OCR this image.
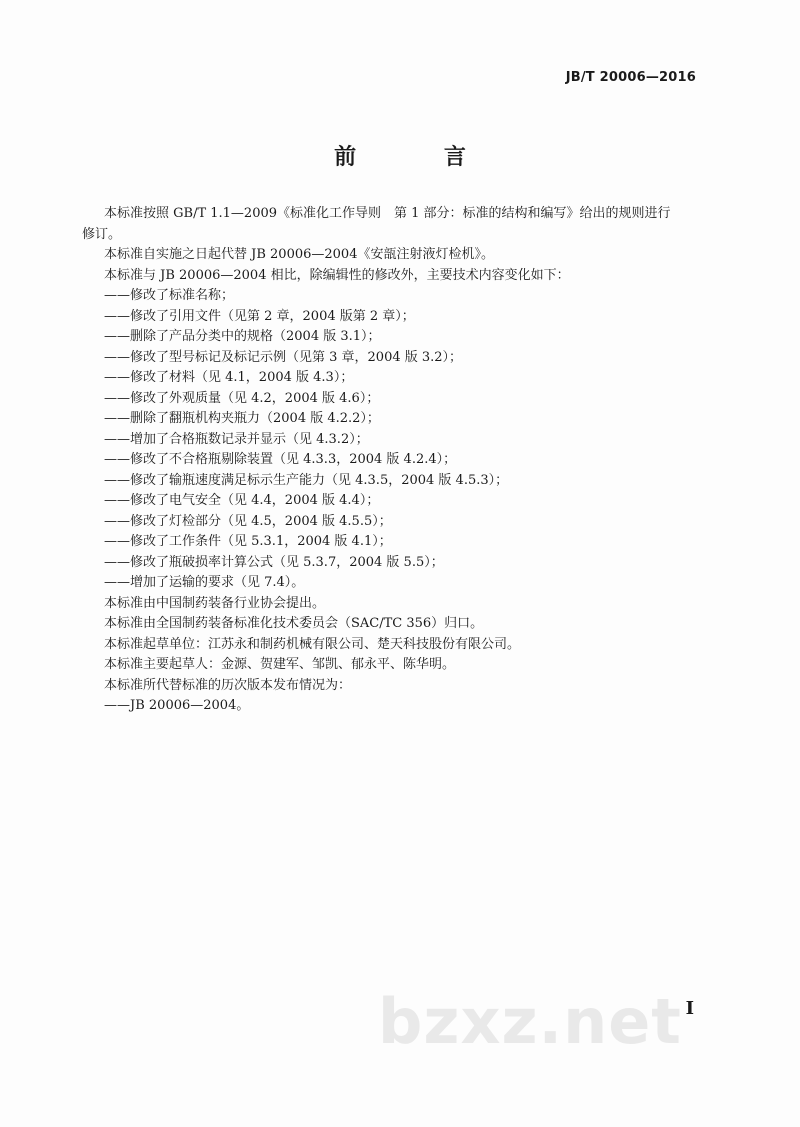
JB/T 20006—2016
前 言

本标准按照 GB/T 1.1—2009《标准化工作导则　第 1 部分：标准的结构和编写》给出的规则进行

修订。

本标准自实施之日起代替 JB 20006—2004《安瓿注射液灯检机》。

本标准与 JB 20006—2004 相比，除编辑性的修改外，主要技术内容变化如下：

——修改了标准名称；

——修改了引用文件（见第 2 章，2004 版第 2 章）；

——删除了产品分类中的规格（2004 版 3.1）；

——修改了型号标记及标记示例（见第 3 章，2004 版 3.2）；

——修改了材料（见 4.1，2004 版 4.3）；

——修改了外观质量（见 4.2，2004 版 4.6）；

——删除了翻瓶机构夹瓶力（2004 版 4.2.2）；

——增加了合格瓶数记录并显示（见 4.3.2）；

——修改了不合格瓶剔除装置（见 4.3.3，2004 版 4.2.4）；

——修改了输瓶速度满足标示生产能力（见 4.3.5，2004 版 4.5.3）；

——修改了电气安全（见 4.4，2004 版 4.4）；

——修改了灯检部分（见 4.5，2004 版 4.5.5）；

——修改了工作条件（见 5.3.1，2004 版 4.1）；

——修改了瓶破损率计算公式（见 5.3.7，2004 版 5.5）；

——增加了运输的要求（见 7.4）。

本标准由中国制药装备行业协会提出。

本标准由全国制药装备标准化技术委员会（SAC/TC 356）归口。

本标准起草单位：江苏永和制药机械有限公司、楚天科技股份有限公司。

本标准主要起草人：金源、贺建军、邹凯、郁永平、陈华明。

本标准所代替标准的历次版本发布情况为：

——JB 20006—2004。

bzxz.net I
